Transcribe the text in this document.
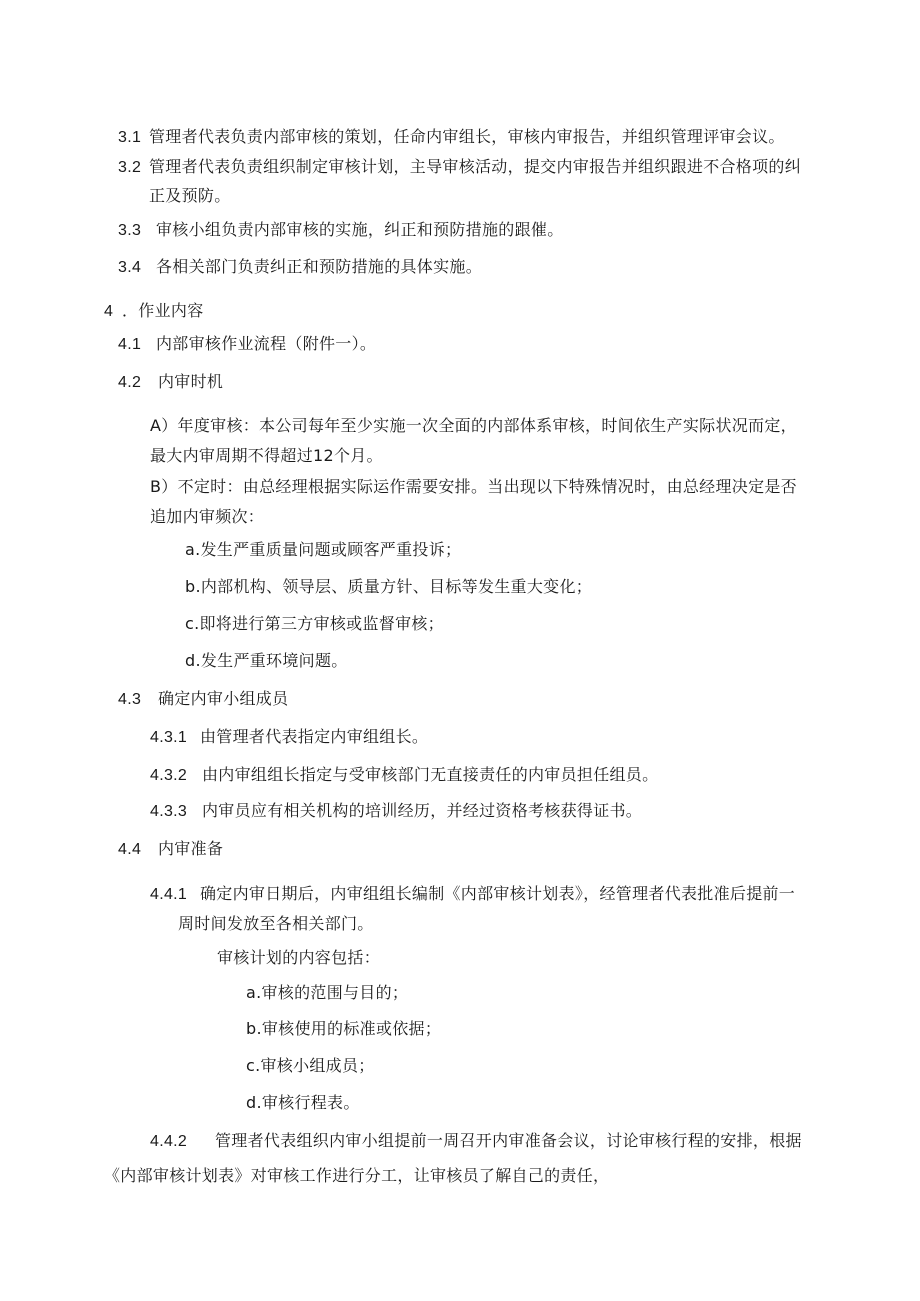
3.1 管理者代表负责内部审核的策划，任命内审组长，审核内审报告，并组织管理评审会议。
3.2 管理者代表负责组织制定审核计划，主导审核活动，提交内审报告并组织跟进不合格项的纠
正及预防。
3.3 审核小组负责内部审核的实施，纠正和预防措施的跟催。
3.4 各相关部门负责纠正和预防措施的具体实施。
4 ．作业内容
4.1 内部审核作业流程（附件一）。
4.2 内审时机
A）年度审核：本公司每年至少实施一次全面的内部体系审核，时间依生产实际状况而定，
最大内审周期不得超过12个月。
B）不定时：由总经理根据实际运作需要安排。当出现以下特殊情况时，由总经理决定是否
追加内审频次：
a.发生严重质量问题或顾客严重投诉；
b.内部机构、领导层、质量方针、目标等发生重大变化；
c.即将进行第三方审核或监督审核；
d.发生严重环境问题。
4.3 确定内审小组成员
4.3.1 由管理者代表指定内审组组长。
4.3.2 由内审组组长指定与受审核部门无直接责任的内审员担任组员。
4.3.3 内审员应有相关机构的培训经历，并经过资格考核获得证书。
4.4 内审准备
4.4.1 确定内审日期后，内审组组长编制《内部审核计划表》，经管理者代表批准后提前一
周时间发放至各相关部门。
审核计划的内容包括：
a.审核的范围与目的；
b.审核使用的标准或依据；
c.审核小组成员；
d.审核行程表。
4.4.2 管理者代表组织内审小组提前一周召开内审准备会议，讨论审核行程的安排，根据
《内部审核计划表》对审核工作进行分工，让审核员了解自己的责任，
